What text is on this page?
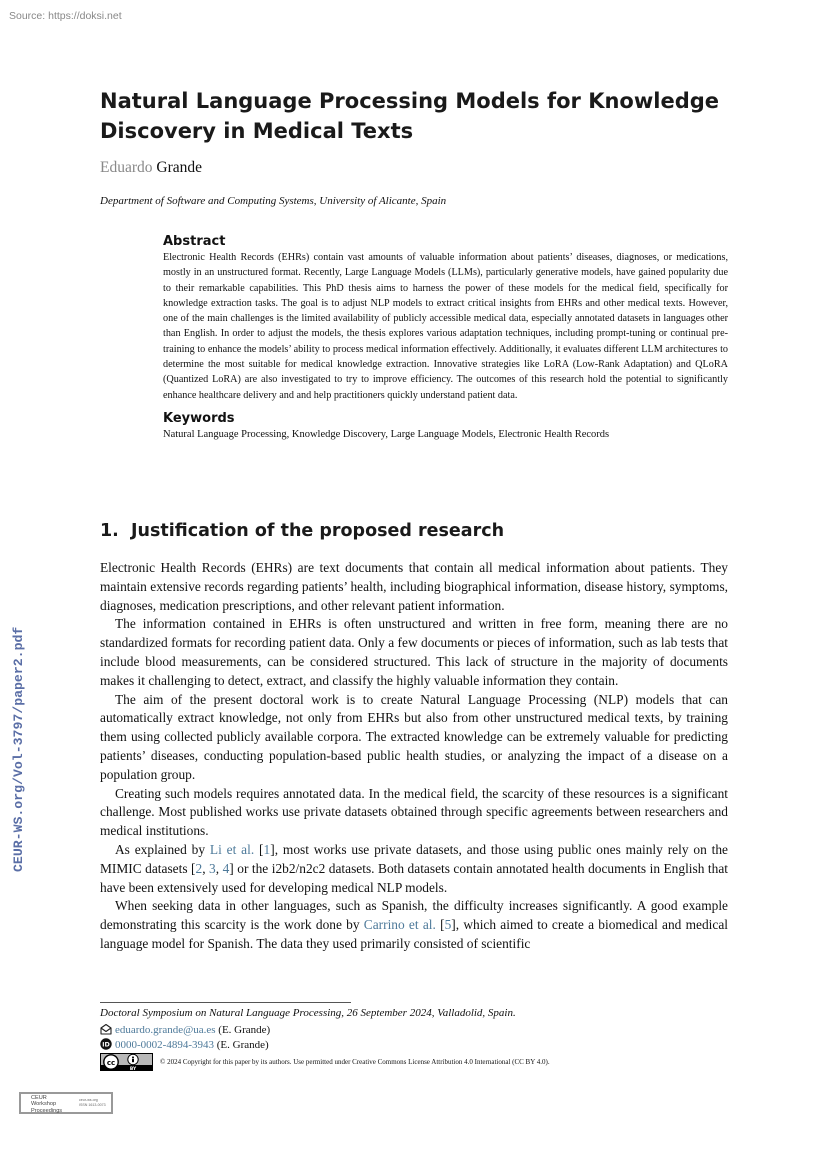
Source: https://doksi.net
CEUR-WS.org/Vol-3797/paper2.pdf
Natural Language Processing Models for Knowledge Discovery in Medical Texts
Eduardo Grande
Department of Software and Computing Systems, University of Alicante, Spain
Abstract

Electronic Health Records (EHRs) contain vast amounts of valuable information about patients’ diseases, diagnoses, or medications, mostly in an unstructured format. Recently, Large Language Models (LLMs), particularly generative models, have gained popularity due to their remarkable capabilities. This PhD thesis aims to harness the power of these models for the medical field, specifically for knowledge extraction tasks. The goal is to adjust NLP models to extract critical insights from EHRs and other medical texts. However, one of the main challenges is the limited availability of publicly accessible medical data, especially annotated datasets in languages other than English. In order to adjust the models, the thesis explores various adaptation techniques, including prompt-tuning or continual pre-training to enhance the models’ ability to process medical information effectively. Additionally, it evaluates different LLM architectures to determine the most suitable for medical knowledge extraction. Innovative strategies like LoRA (Low-Rank Adaptation) and QLoRA (Quantized LoRA) are also investigated to try to improve efficiency. The outcomes of this research hold the potential to significantly enhance healthcare delivery and and help practitioners quickly understand patient data.

Keywords

Natural Language Processing, Knowledge Discovery, Large Language Models, Electronic Health Records

1. Justification of the proposed research

Electronic Health Records (EHRs) are text documents that contain all medical information about patients. They maintain extensive records regarding patients’ health, including biographical information, disease history, symptoms, diagnoses, medication prescriptions, and other relevant patient information.

The information contained in EHRs is often unstructured and written in free form, meaning there are no standardized formats for recording patient data. Only a few documents or pieces of information, such as lab tests that include blood measurements, can be considered structured. This lack of structure in the majority of documents makes it challenging to detect, extract, and classify the highly valuable information they contain.

The aim of the present doctoral work is to create Natural Language Processing (NLP) models that can automatically extract knowledge, not only from EHRs but also from other unstructured medical texts, by training them using collected publicly available corpora. The extracted knowledge can be extremely valuable for predicting patients’ diseases, conducting population-based public health studies, or analyzing the impact of a disease on a population group.

Creating such models requires annotated data. In the medical field, the scarcity of these resources is a significant challenge. Most published works use private datasets obtained through specific agreements between researchers and medical institutions.

As explained by Li et al. [1], most works use private datasets, and those using public ones mainly rely on the MIMIC datasets [2, 3, 4] or the i2b2/n2c2 datasets. Both datasets contain annotated health documents in English that have been extensively used for developing medical NLP models.

When seeking data in other languages, such as Spanish, the difficulty increases significantly. A good example demonstrating this scarcity is the work done by Carrino et al. [5], which aimed to create a biomedical and medical language model for Spanish. The data they used primarily consisted of scientific

Doctoral Symposium on Natural Language Processing, 26 September 2024, Valladolid, Spain.
eduardo.grande@ua.es (E. Grande)
iD 0000-0002-4894-3943 (E. Grande)
cc
BY
© 2024 Copyright for this paper by its authors. Use permitted under Creative Commons License Attribution 4.0 International (CC BY 4.0).
CEUR
Workshop
Proceedings
ceur-ws.org
ISSN 1613-0073
